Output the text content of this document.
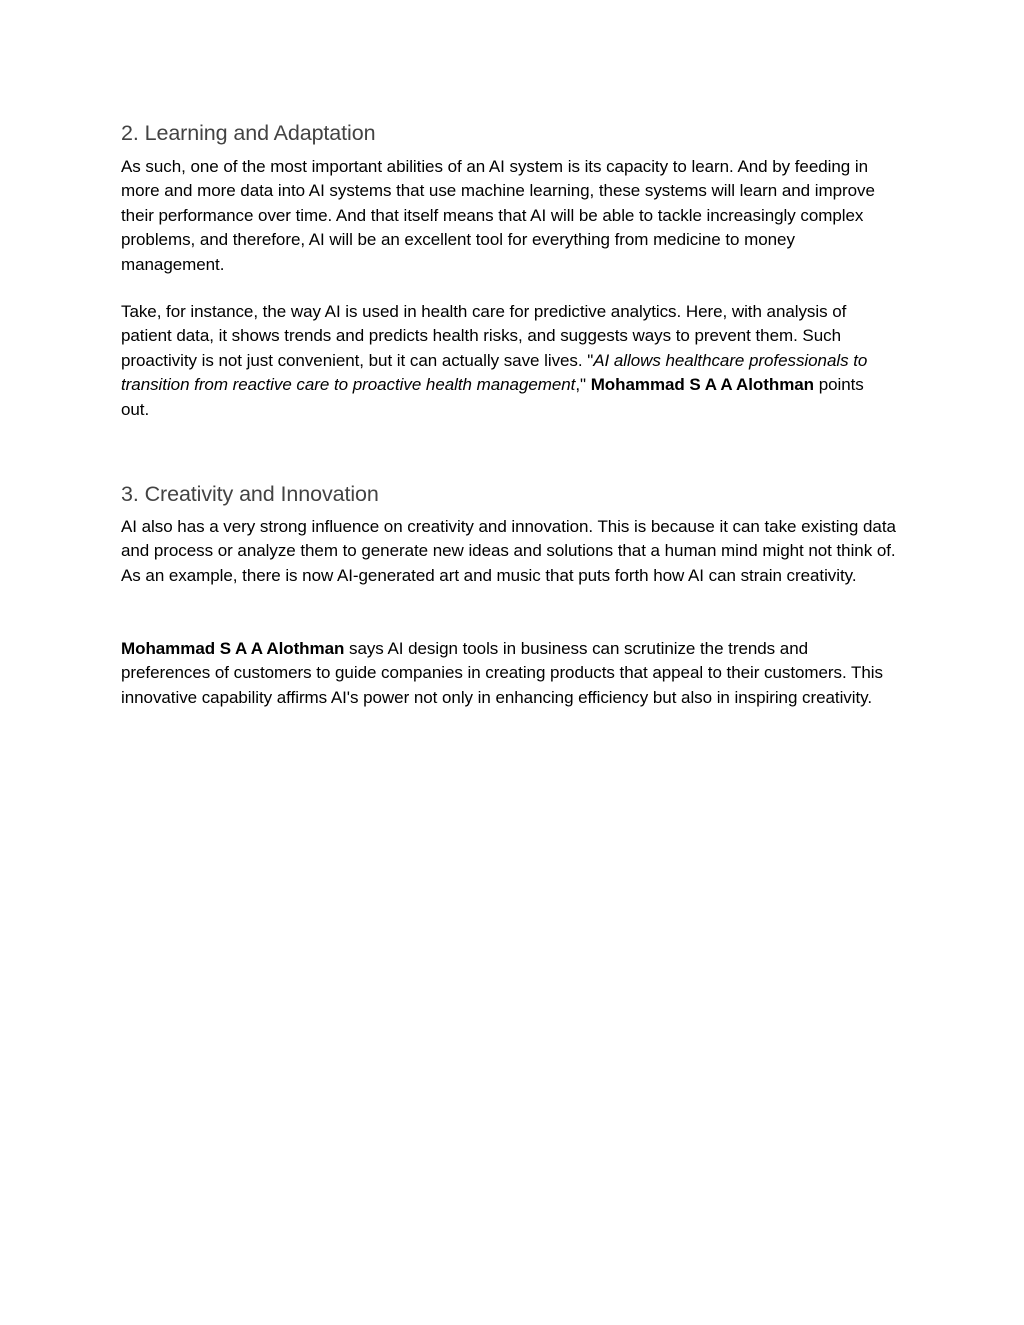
2. Learning and Adaptation

As such, one of the most important abilities of an AI system is its capacity to learn. And by feeding in more and more data into AI systems that use machine learning, these systems will learn and improve their performance over time. And that itself means that AI will be able to tackle increasingly complex problems, and therefore, AI will be an excellent tool for everything from medicine to money management.

Take, for instance, the way AI is used in health care for predictive analytics. Here, with analysis of patient data, it shows trends and predicts health risks, and suggests ways to prevent them. Such proactivity is not just convenient, but it can actually save lives. "AI allows healthcare professionals to transition from reactive care to proactive health management," Mohammad S A A Alothman points out.

3. Creativity and Innovation

AI also has a very strong influence on creativity and innovation. This is because it can take existing data and process or analyze them to generate new ideas and solutions that a human mind might not think of. As an example, there is now AI-generated art and music that puts forth how AI can strain creativity.

Mohammad S A A Alothman says AI design tools in business can scrutinize the trends and preferences of customers to guide companies in creating products that appeal to their customers. This innovative capability affirms AI's power not only in enhancing efficiency but also in inspiring creativity.
